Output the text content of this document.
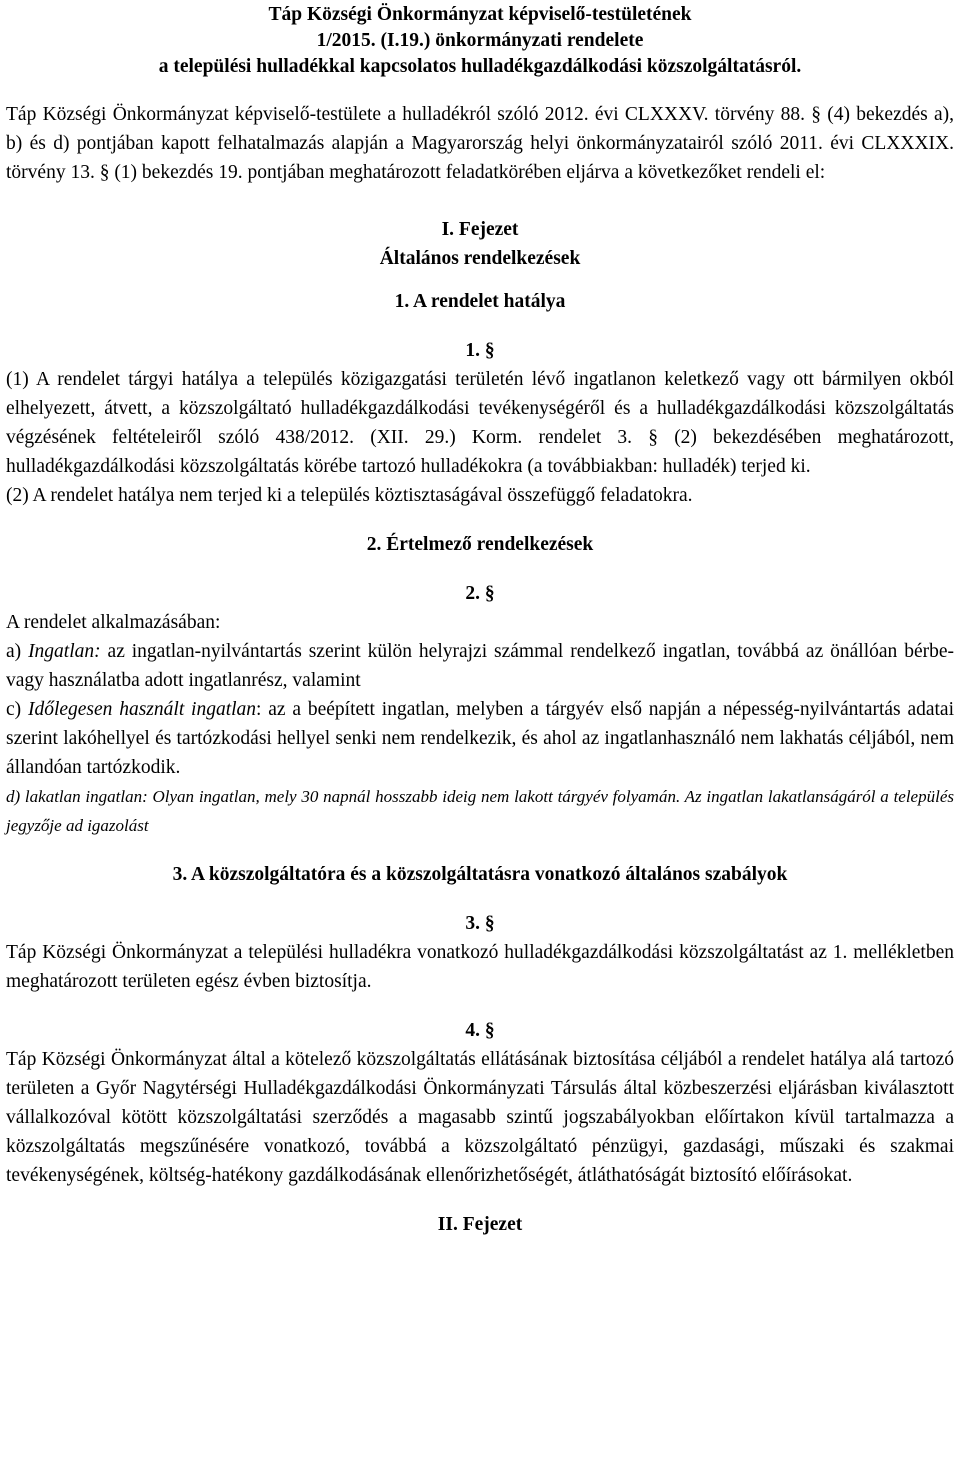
Táp Községi Önkormányzat képviselő-testületének

1/2015. (I.19.) önkormányzati rendelete

a települési hulladékkal kapcsolatos hulladékgazdálkodási közszolgáltatásról.

Táp Községi Önkormányzat képviselő-testülete a hulladékról szóló 2012. évi CLXXXV. törvény 88. § (4) bekezdés a), b) és d) pontjában kapott felhatalmazás alapján a Magyarország helyi önkormányzatairól szóló 2011. évi CLXXXIX. törvény 13. § (1) bekezdés 19. pontjában meghatározott feladatkörében eljárva a következőket rendeli el:

I. Fejezet

Általános rendelkezések

1. A rendelet hatálya

1. §

(1) A rendelet tárgyi hatálya a település közigazgatási területén lévő ingatlanon keletkező vagy ott bármilyen okból elhelyezett, átvett, a közszolgáltató hulladékgazdálkodási tevékenységéről és a hulladékgazdálkodási közszolgáltatás végzésének feltételeiről szóló 438/2012. (XII. 29.) Korm. rendelet 3. § (2) bekezdésében meghatározott, hulladékgazdálkodási közszolgáltatás körébe tartozó hulladékokra (a továbbiakban: hulladék) terjed ki.

(2) A rendelet hatálya nem terjed ki a település köztisztaságával összefüggő feladatokra.

2. Értelmező rendelkezések

2. §

A rendelet alkalmazásában:

a) Ingatlan: az ingatlan-nyilvántartás szerint külön helyrajzi számmal rendelkező ingatlan, továbbá az önállóan bérbe- vagy használatba adott ingatlanrész, valamint

c) Időlegesen használt ingatlan: az a beépített ingatlan, melyben a tárgyév első napján a népesség-nyilvántartás adatai szerint lakóhellyel és tartózkodási hellyel senki nem rendelkezik, és ahol az ingatlanhasználó nem lakhatás céljából, nem állandóan tartózkodik.

d) lakatlan ingatlan: Olyan ingatlan, mely 30 napnál hosszabb ideig nem lakott tárgyév folyamán. Az ingatlan lakatlanságáról a település jegyzője ad igazolást

3. A közszolgáltatóra és a közszolgáltatásra vonatkozó általános szabályok

3. §

Táp Községi Önkormányzat a települési hulladékra vonatkozó hulladékgazdálkodási közszolgáltatást az 1. mellékletben meghatározott területen egész évben biztosítja.

4. §

Táp Községi Önkormányzat által a kötelező közszolgáltatás ellátásának biztosítása céljából a rendelet hatálya alá tartozó területen a Győr Nagytérségi Hulladékgazdálkodási Önkormányzati Társulás által közbeszerzési eljárásban kiválasztott vállalkozóval kötött közszolgáltatási szerződés a magasabb szintű jogszabályokban előírtakon kívül tartalmazza a közszolgáltatás megszűnésére vonatkozó, továbbá a közszolgáltató pénzügyi, gazdasági, műszaki és szakmai tevékenységének, költség-hatékony gazdálkodásának ellenőrizhetőségét, átláthatóságát biztosító előírásokat.

II. Fejezet
